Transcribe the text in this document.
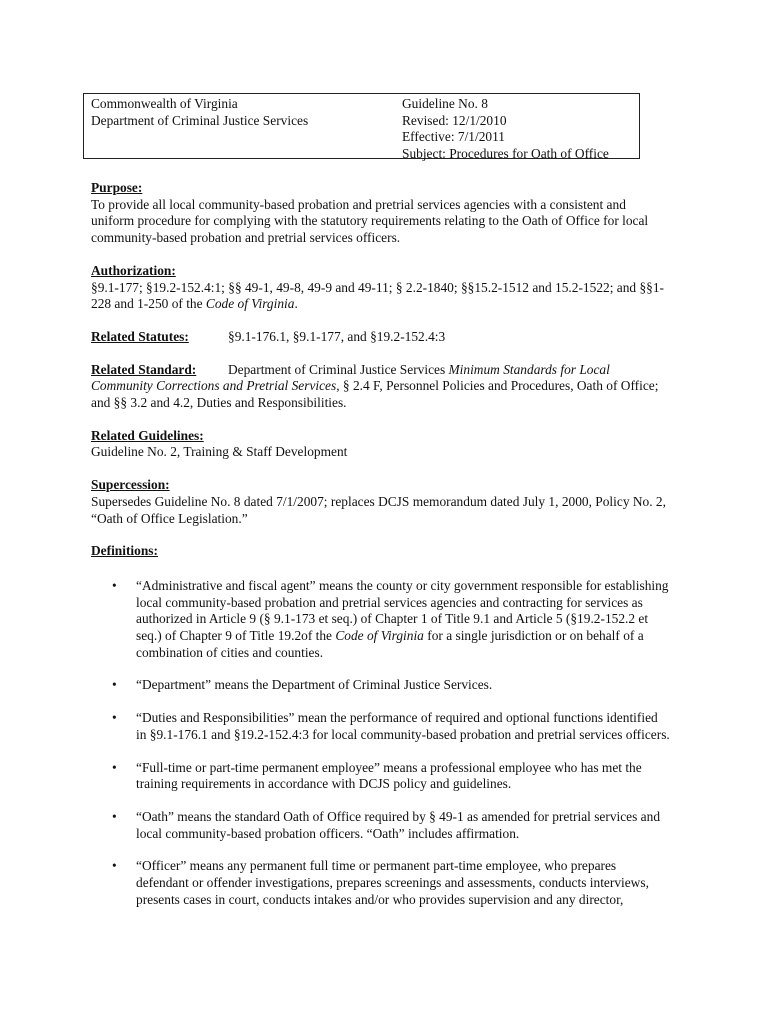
Commonwealth of Virginia
Department of Criminal Justice Services
Guideline No. 8
Revised: 12/1/2010
Effective: 7/1/2011
Subject: Procedures for Oath of Office
Purpose:

To provide all local community-based probation and pretrial services agencies with a consistent and uniform procedure for complying with the statutory requirements relating to the Oath of Office for local community-based probation and pretrial services officers.

Authorization:

§9.1-177; §19.2-152.4:1; §§ 49-1, 49-8, 49-9 and 49-11; § 2.2-1840; §§15.2-1512 and 15.2-1522; and §§1-228 and 1-250 of the Code of Virginia.

Related Statutes:	§9.1-176.1, §9.1-177, and §19.2-152.4:3

Related Standard: Department of Criminal Justice Services Minimum Standards for Local Community Corrections and Pretrial Services, § 2.4 F, Personnel Policies and Procedures, Oath of Office; and §§ 3.2 and 4.2, Duties and Responsibilities.

Related Guidelines:

Guideline No. 2, Training & Staff Development

Supercession:

Supersedes Guideline No. 8 dated 7/1/2007; replaces DCJS memorandum dated July 1, 2000, Policy No. 2, “Oath of Office Legislation.”

Definitions:
• “Administrative and fiscal agent” means the county or city government responsible for establishing local community-based probation and pretrial services agencies and contracting for services as authorized in Article 9 (§ 9.1-173 et seq.) of Chapter 1 of Title 9.1 and Article 5 (§19.2-152.2 et seq.) of Chapter 9 of Title 19.2of the Code of Virginia for a single jurisdiction or on behalf of a combination of cities and counties.
• “Department” means the Department of Criminal Justice Services.
• “Duties and Responsibilities” mean the performance of required and optional functions identified in §9.1-176.1 and §19.2-152.4:3 for local community-based probation and pretrial services officers.
• “Full-time or part-time permanent employee” means a professional employee who has met the training requirements in accordance with DCJS policy and guidelines.
• “Oath” means the standard Oath of Office required by § 49-1 as amended for pretrial services and local community-based probation officers. “Oath” includes affirmation.
• “Officer” means any permanent full time or permanent part-time employee, who prepares defendant or offender investigations, prepares screenings and assessments, conducts interviews, presents cases in court, conducts intakes and/or who provides supervision and any director,
